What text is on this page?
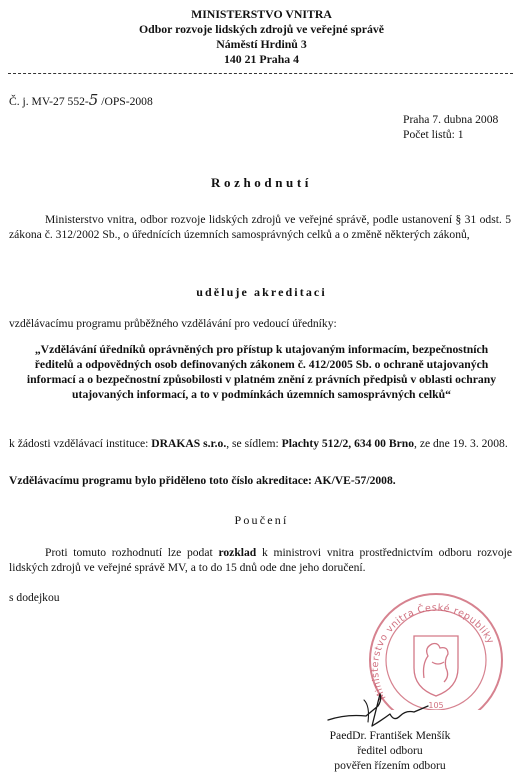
MINISTERSTVO VNITRA
Odbor rozvoje lidských zdrojů ve veřejné správě
Náměstí Hrdinů 3
140 21 Praha 4
Č. j. MV-27 552-5 /OPS-2008
Praha 7. dubna 2008
Počet listů: 1
Rozhodnutí
Ministerstvo vnitra, odbor rozvoje lidských zdrojů ve veřejné správě, podle ustanovení § 31 odst. 5 zákona č. 312/2002 Sb., o úřednících územních samosprávných celků a o změně některých zákonů,
uděluje akreditaci
vzdělávacímu programu průběžného vzdělávání pro vedoucí úředníky:
„Vzdělávání úředníků oprávněných pro přístup k utajovaným informacím, bezpečnostních ředitelů a odpovědných osob definovaných zákonem č. 412/2005 Sb. o ochraně utajovaných informací a o bezpečnostní způsobilosti v platném znění z právních předpisů v oblasti ochrany utajovaných informací, a to v podmínkách územních samosprávných celků“
k žádosti vzdělávací instituce: DRAKAS s.r.o., se sídlem: Plachty 512/2, 634 00 Brno, ze dne 19. 3. 2008.
Vzdělávacímu programu bylo přiděleno toto číslo akreditace: AK/VE-57/2008.
Poučení
Proti tomuto rozhodnutí lze podat rozklad k ministrovi vnitra prostřednictvím odboru rozvoje lidských zdrojů ve veřejné správě MV, a to do 15 dnů ode dne jeho doručení.
s dodejkou
Ministerstvo vnitra České republiky
105
PaedDr. František Menšík
ředitel odboru
pověřen řízením odboru
